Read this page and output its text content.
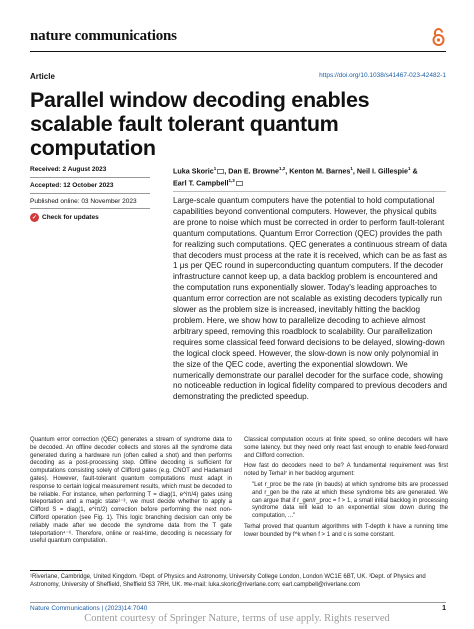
nature communications
Article	https://doi.org/10.1038/s41467-023-42482-1
Parallel window decoding enables scalable fault tolerant quantum computation
Received: 2 August 2023
Accepted: 12 October 2023
Published online: 03 November 2023
✓ Check for updates
Luka Skoric$^1$ , Dan E. Browne$^{1,2}$, Kenton M. Barnes$^1$, Neil I. Gillespie$^1$ & Earl T. Campbell$^{1,3}$

Large-scale quantum computers have the potential to hold computational capabilities beyond conventional computers. However, the physical qubits are prone to noise which must be corrected in order to perform fault-tolerant quantum computations. Quantum Error Correction (QEC) provides the path for realizing such computations. QEC generates a continuous stream of data that decoders must process at the rate it is received, which can be as fast as 1 μs per QEC round in superconducting quantum computers. If the decoder infrastructure cannot keep up, a data backlog problem is encountered and the computation runs exponentially slower. Today's leading approaches to quantum error correction are not scalable as existing decoders typically run slower as the problem size is increased, inevitably hitting the backlog problem. Here, we show how to parallelize decoding to achieve almost arbitrary speed, removing this roadblock to scalability. Our parallelization requires some classical feed forward decisions to be delayed, slowing-down the logical clock speed. However, the slow-down is now only polynomial in the size of the QEC code, averting the exponential slowdown. We numerically demonstrate our parallel decoder for the surface code, showing no noticeable reduction in logical fidelity compared to previous decoders and demonstrating the predicted speedup.

Quantum error correction (QEC) generates a stream of syndrome data to be decoded. An offline decoder collects and stores all the syndrome data generated during a hardware run (often called a shot) and then performs decoding as a post-processing step. Offline decoding is sufficient for computations consisting solely of Clifford gates (e.g. CNOT and Hadamard gates). However, fault-tolerant quantum computations must adapt in response to certain logical measurement results, which must be decoded to be reliable. For instance, when performing T = diag(1, e^iπ/4) gates using teleportation and a magic state¹⁻³, we must decide whether to apply a Clifford S = diag(1, e^iπ/2) correction before performing the next non-Clifford operation (see Fig. 1). This logic branching decision can only be reliably made after we decode the syndrome data from the T gate teleportation⁴⁻⁶. Therefore, online or real-time, decoding is necessary for useful quantum computation.

Classical computation occurs at finite speed, so online decoders will have some latency. but they need only react fast enough to enable feed-forward and Clifford correction.

How fast do decoders need to be? A fundamental requirement was first noted by Terhal⁷ in her backlog argument:

"Let r_proc be the rate (in bauds) at which syndrome bits are processed and r_gen be the rate at which these syndrome bits are generated. We can argue that if r_gen/r_proc = f > 1, a small initial backlog in processing syndrome data will lead to an exponential slow down during the computation, ..."

Terhal proved that quantum algorithms with T-depth k have a running time lower bounded by f^k when f > 1 and c is some constant.

¹Riverlane, Cambridge, United Kingdom. ²Dept. of Physics and Astronomy, University College London, London WC1E 6BT, UK. ³Dept. of Physics and Astronomy, University of Sheffield, Sheffield S3 7RH, UK. ✉e-mail: luka.skoric@riverlane.com; earl.campbell@riverlane.com
Nature Communications | (2023)14:7040	1
Content courtesy of Springer Nature, terms of use apply. Rights reserved
